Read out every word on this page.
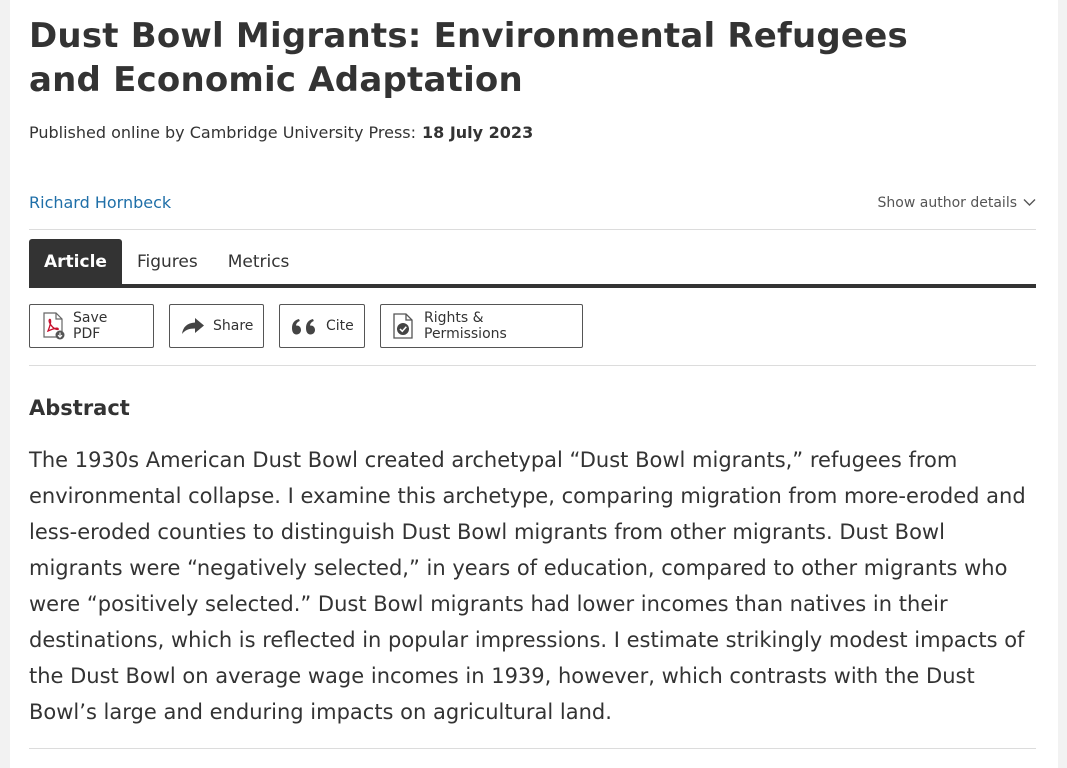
Dust Bowl Migrants: Environmental Refugees and Economic Adaptation
Published online by Cambridge University Press: 18 July 2023
Richard Hornbeck	Show author details
Article	Figures	Metrics
Save PDF	Share	Cite	Rights & Permissions
Abstract

The 1930s American Dust Bowl created archetypal “Dust Bowl migrants,” refugees from environmental collapse. I examine this archetype, comparing migration from more-eroded and less-eroded counties to distinguish Dust Bowl migrants from other migrants. Dust Bowl migrants were “negatively selected,” in years of education, compared to other migrants who were “positively selected.” Dust Bowl migrants had lower incomes than natives in their destinations, which is reflected in popular impressions. I estimate strikingly modest impacts of the Dust Bowl on average wage incomes in 1939, however, which contrasts with the Dust Bowl’s large and enduring impacts on agricultural land.
